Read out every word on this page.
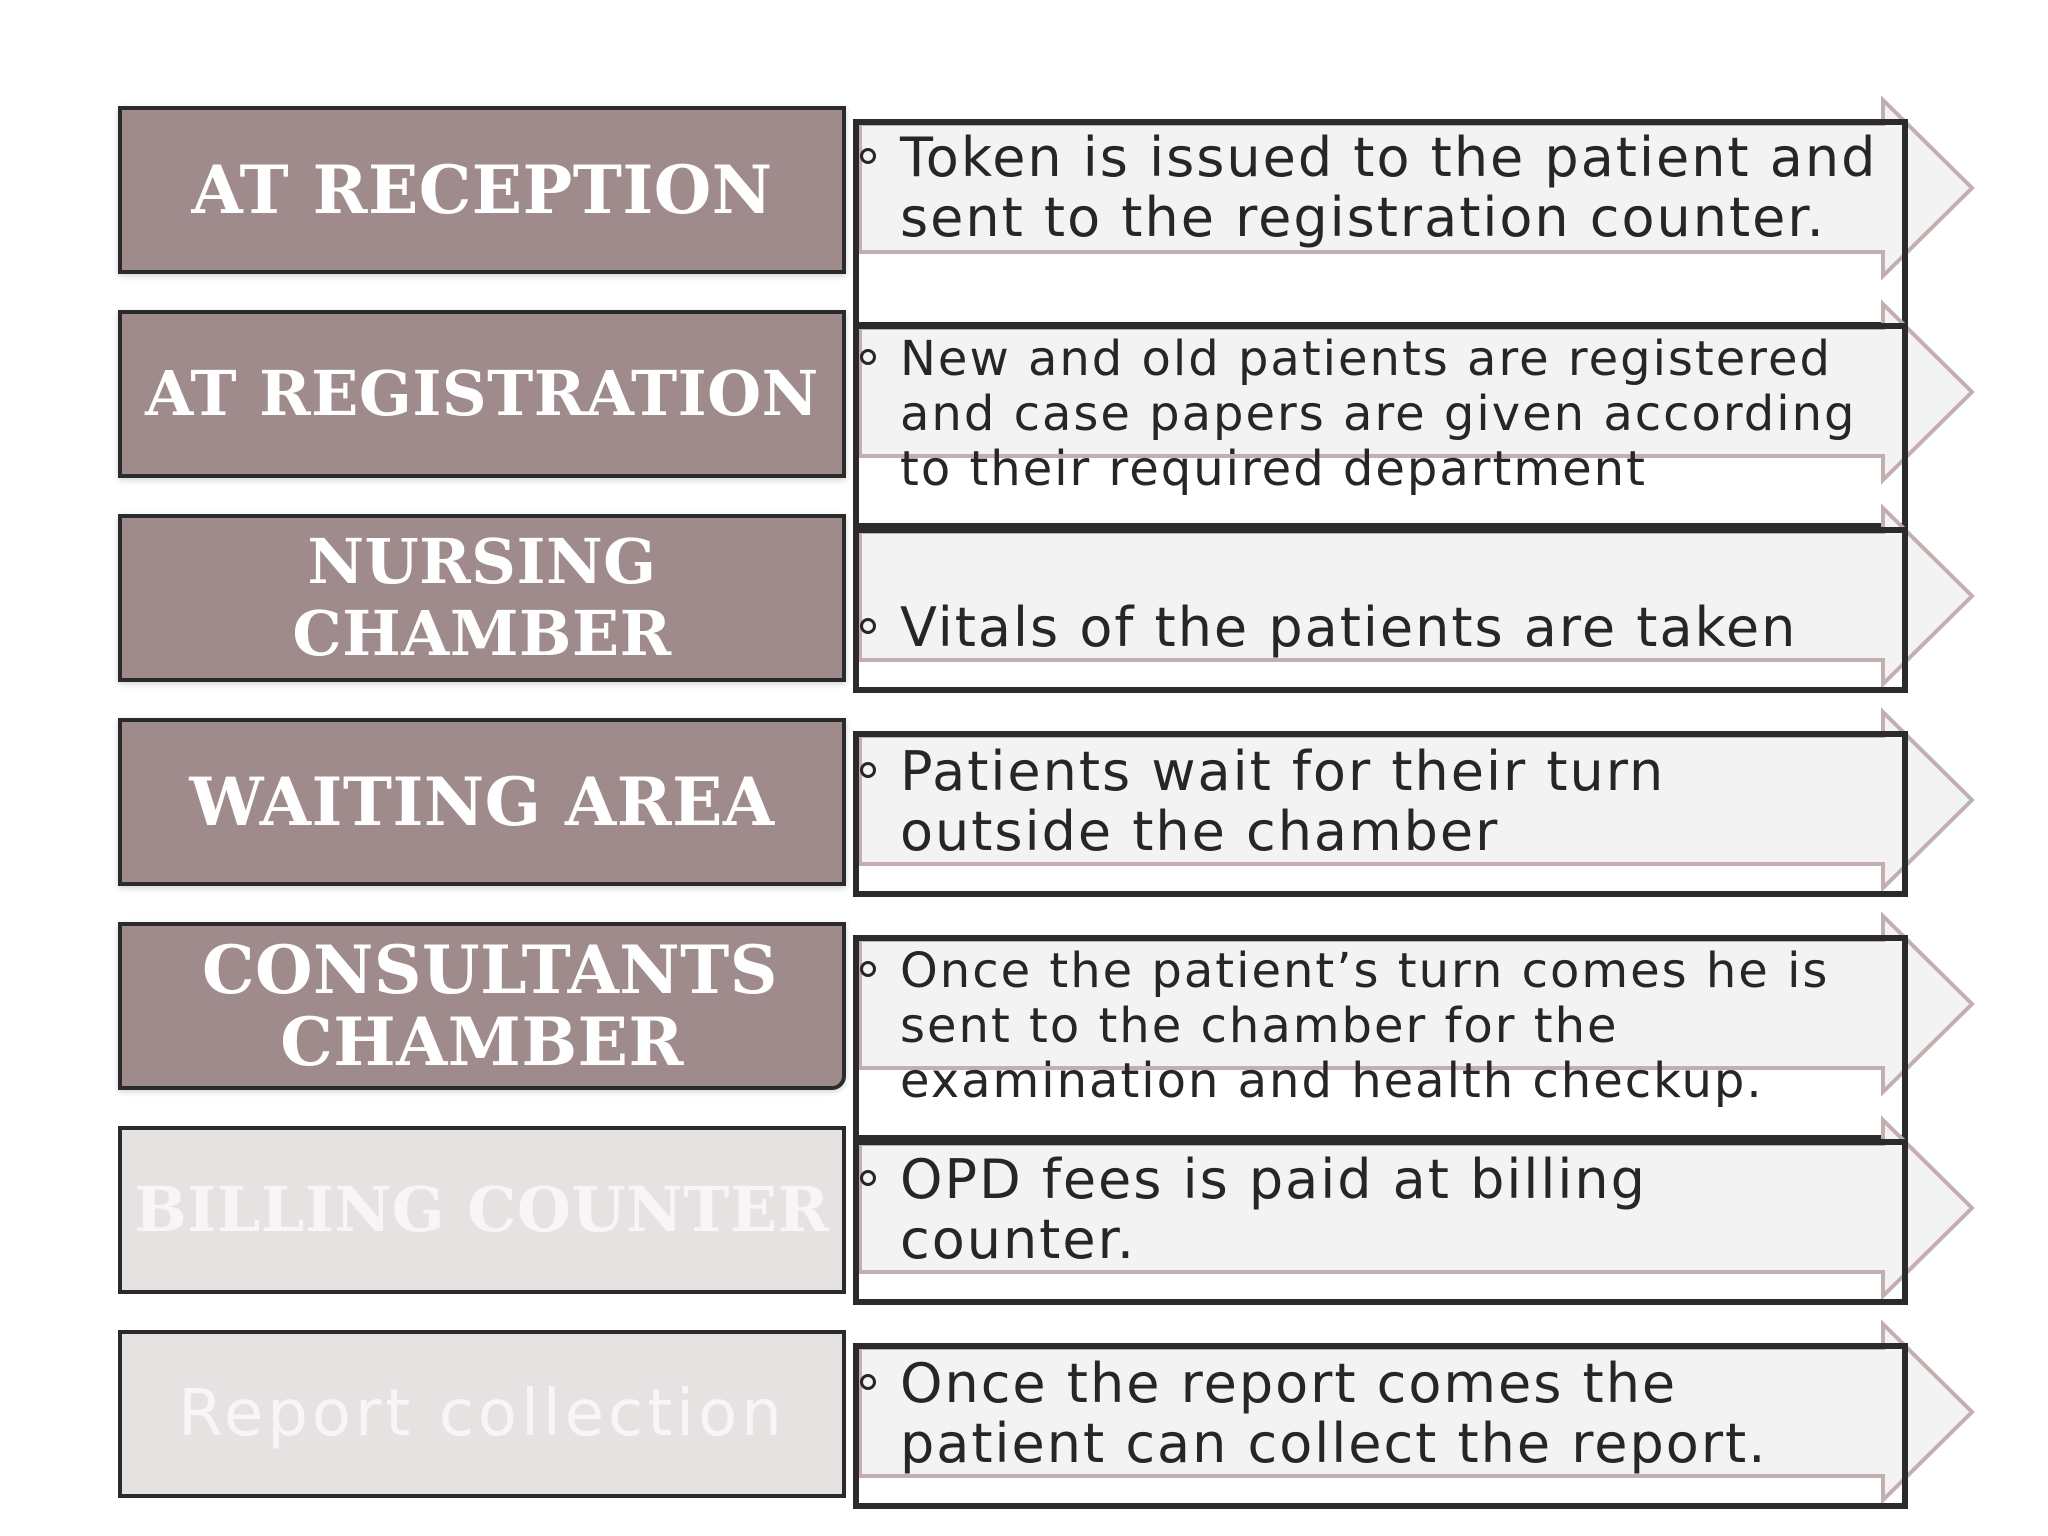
AT RECEPTION Token is issued to the patient and sent to the registration counter.
AT REGISTRATION New and old patients are registered and case papers are given according to their required department
NURSING CHAMBER	Vitals of the patients are taken
WAITING AREA Patients wait for their turn outside the chamber
CONSULTANTS CHAMBER
Once the patient’s turn comes he is sent to the chamber for the examination and health checkup.
BILLING COUNTER OPD fees is paid at billing counter.
Report collection Once the report comes the patient can collect the report.
